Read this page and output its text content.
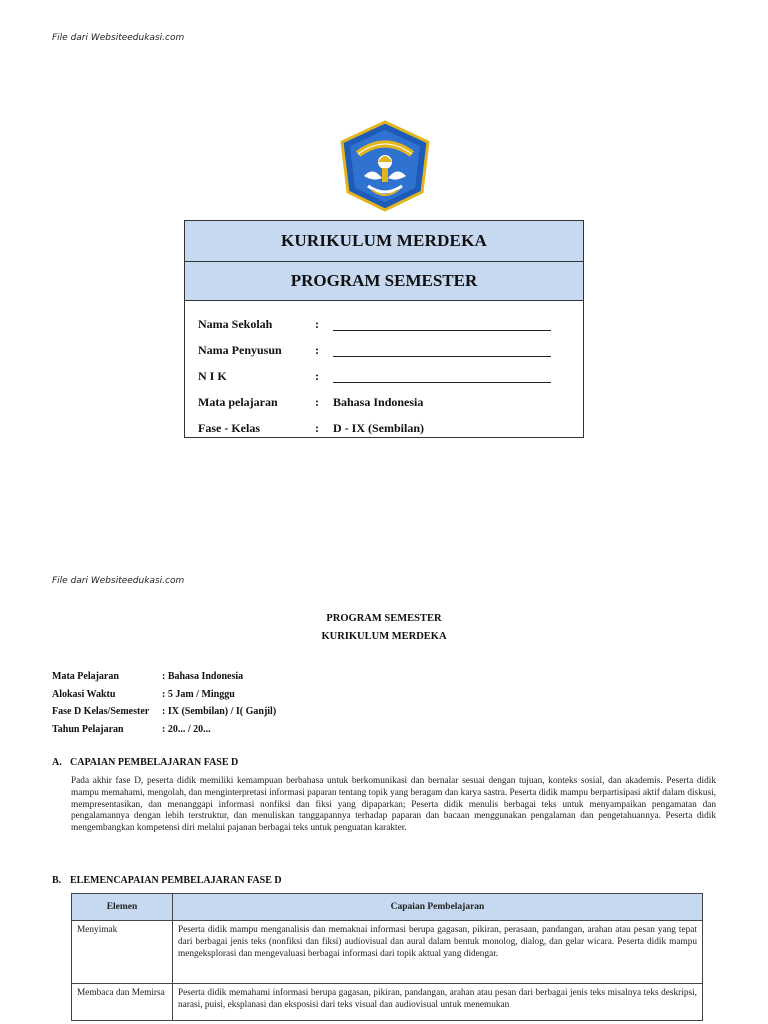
File dari Websiteedukasi.com
KURIKULUM MERDEKA
PROGRAM SEMESTER
Nama Sekolah	:
Nama Penyusun	:
N I K	:
Mata pelajaran	:	Bahasa Indonesia
Fase - Kelas	:	D - IX (Sembilan)
File dari Websiteedukasi.com
PROGRAM SEMESTER
KURIKULUM MERDEKA
Mata Pelajaran	: Bahasa Indonesia
Alokasi Waktu	: 5 Jam / Minggu
Fase D Kelas/Semester	: IX (Sembilan) / I( Ganjil)
Tahun Pelajaran	: 20... / 20...
A. CAPAIAN PEMBELAJARAN FASE D
Pada akhir fase D, peserta didik memiliki kemampuan berbahasa untuk berkomunikasi dan bernalar sesuai dengan tujuan, konteks sosial, dan akademis. Peserta didik mampu memahami, mengolah, dan menginterpretasi informasi paparan tentang topik yang beragam dan karya sastra. Peserta didik mampu berpartisipasi aktif dalam diskusi, mempresentasikan, dan menanggapi informasi nonfiksi dan fiksi yang dipaparkan; Peserta didik menulis berbagai teks untuk menyampaikan pengamatan dan pengalamannya dengan lebih terstruktur, dan menuliskan tanggapannya terhadap paparan dan bacaan menggunakan pengalaman dan pengetahuannya. Peserta didik mengembangkan kompetensi diri melalui pajanan berbagai teks untuk penguatan karakter.
B. ELEMENCAPAIAN PEMBELAJARAN FASE D
Elemen	Capaian Pembelajaran
Menyimak	Peserta didik mampu menganalisis dan memaknai informasi berupa gagasan, pikiran, perasaan, pandangan, arahan atau pesan yang tepat dari berbagai jenis teks (nonfiksi dan fiksi) audiovisual dan aural dalam bentuk monolog, dialog, dan gelar wicara. Peserta didik mampu mengeksplorasi dan mengevaluasi berbagai informasi dari topik aktual yang didengar.
Membaca dan Memirsa	Peserta didik memahami informasi berupa gagasan, pikiran, pandangan, arahan atau pesan dari berbagai jenis teks misalnya teks deskripsi, narasi, puisi, eksplanasi dan eksposisi dari teks visual dan audiovisual untuk menemukan
